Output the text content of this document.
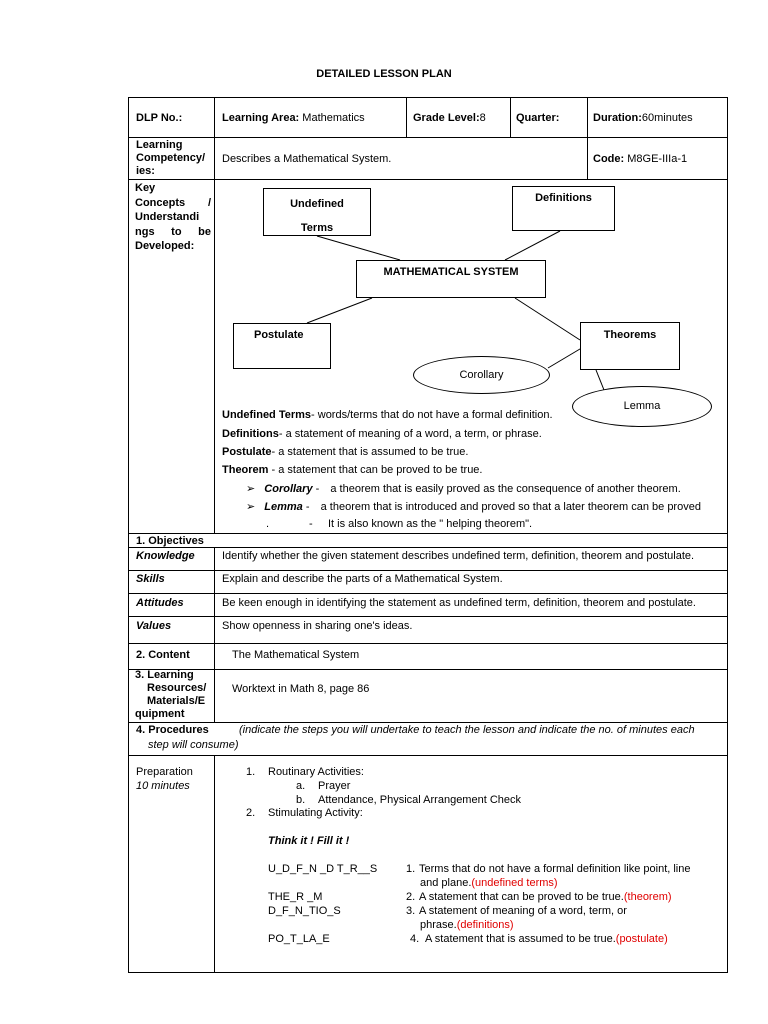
DETAILED LESSON PLAN
DLP No.:	Learning Area: Mathematics	Grade Level:8	Quarter:	Duration:60minutes
Learning
Competency/
ies:
Describes a Mathematical System.	Code: M8GE-IIIa-1
Key
Concepts /
Understandi
ngs to be
Developed:
Undefined
Terms
Definitions
MATHEMATICAL SYSTEM
Postulate	Theorems
Corollary
Lemma
Undefined Terms- words/terms that do not have a formal definition.
Definitions- a statement of meaning of a word, a term, or phrase.
Postulate- a statement that is assumed to be true.
Theorem - a statement that can be proved to be true.
➢ Corollary - a theorem that is easily proved as the consequence of another theorem.
➢ Lemma - a theorem that is introduced and proved so that a later theorem can be proved
.	- It is also known as the " helping theorem".
1. Objectives
Knowledge Identify whether the given statement describes undefined term, definition, theorem and postulate.
Skills	Explain and describe the parts of a Mathematical System.
Attitudes	Be keen enough in identifying the statement as undefined term, definition, theorem and postulate.
Values	Show openness in sharing one's ideas.
2. Content	The Mathematical System
3. Learning
Resources/
Materials/E
quipment
Worktext in Math 8, page 86
4. Procedures	(indicate the steps you will undertake to teach the lesson and indicate the no. of minutes each
step will consume)
Preparation
10 minutes
1. Routinary Activities:
a. Prayer
b. Attendance, Physical Arrangement Check
2. Stimulating Activity:
Think it ! Fill it !
U_D_F_N _D T_R__S	1. Terms that do not have a formal definition like point, line
and plane.(undefined terms)
THE_R _M	2. A statement that can be proved to be true.(theorem)
D_F_N_TIO_S	3. A statement of meaning of a word, term, or
phrase.(definitions)
PO_T_LA_E	4. A statement that is assumed to be true.(postulate)
